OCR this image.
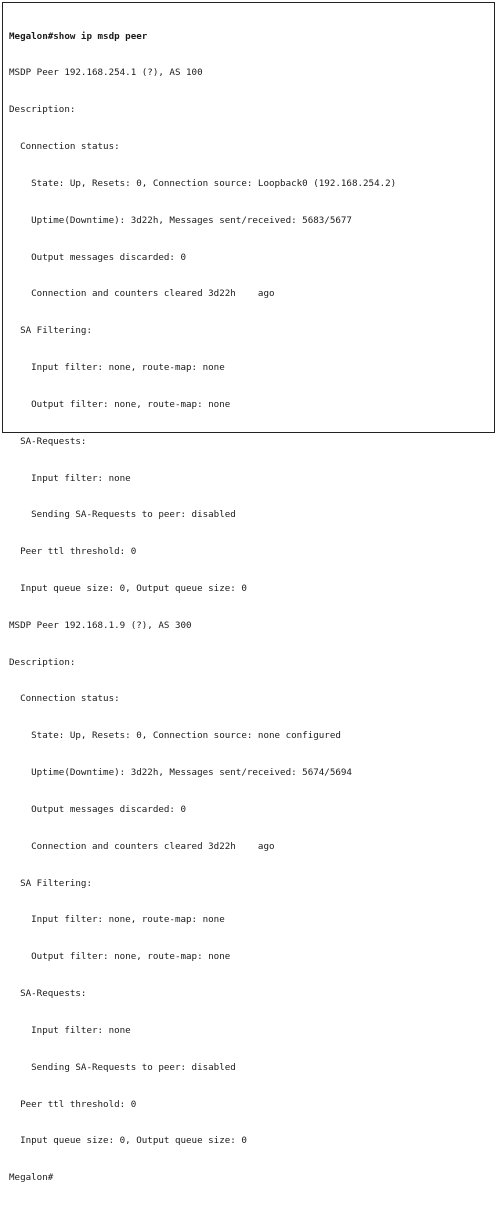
Megalon#show ip msdp peer

MSDP Peer 192.168.254.1 (?), AS 100

Description:

Connection status:

State: Up, Resets: 0, Connection source: Loopback0 (192.168.254.2)

Uptime(Downtime): 3d22h, Messages sent/received: 5683/5677

Output messages discarded: 0

Connection and counters cleared 3d22h    ago

SA Filtering:

Input filter: none, route-map: none

Output filter: none, route-map: none

SA-Requests:

Input filter: none

Sending SA-Requests to peer: disabled

Peer ttl threshold: 0

Input queue size: 0, Output queue size: 0

MSDP Peer 192.168.1.9 (?), AS 300

Description:

Connection status:

State: Up, Resets: 0, Connection source: none configured

Uptime(Downtime): 3d22h, Messages sent/received: 5674/5694

Output messages discarded: 0

Connection and counters cleared 3d22h    ago

SA Filtering:

Input filter: none, route-map: none

Output filter: none, route-map: none

SA-Requests:

Input filter: none

Sending SA-Requests to peer: disabled

Peer ttl threshold: 0

Input queue size: 0, Output queue size: 0

Megalon#
